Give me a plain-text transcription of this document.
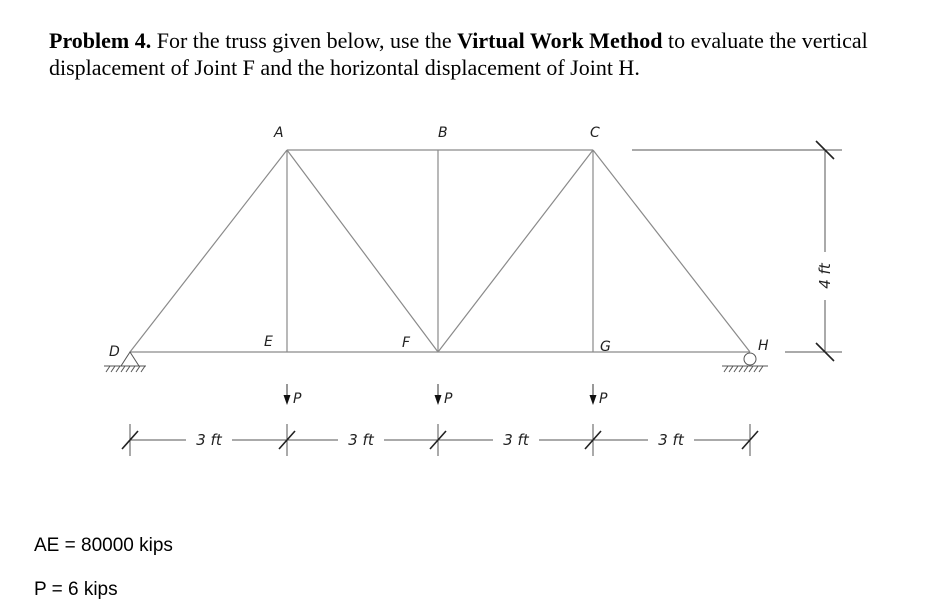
Problem 4. For the truss given below, use the Virtual Work Method to evaluate the vertical displacement of Joint F and the horizontal displacement of Joint H.
A	B	C
D
E	F	G	H
P	P	P
3 ft	3 ft	3 ft	3 ft
4 ft
AE = 80000 kips
P = 6 kips
